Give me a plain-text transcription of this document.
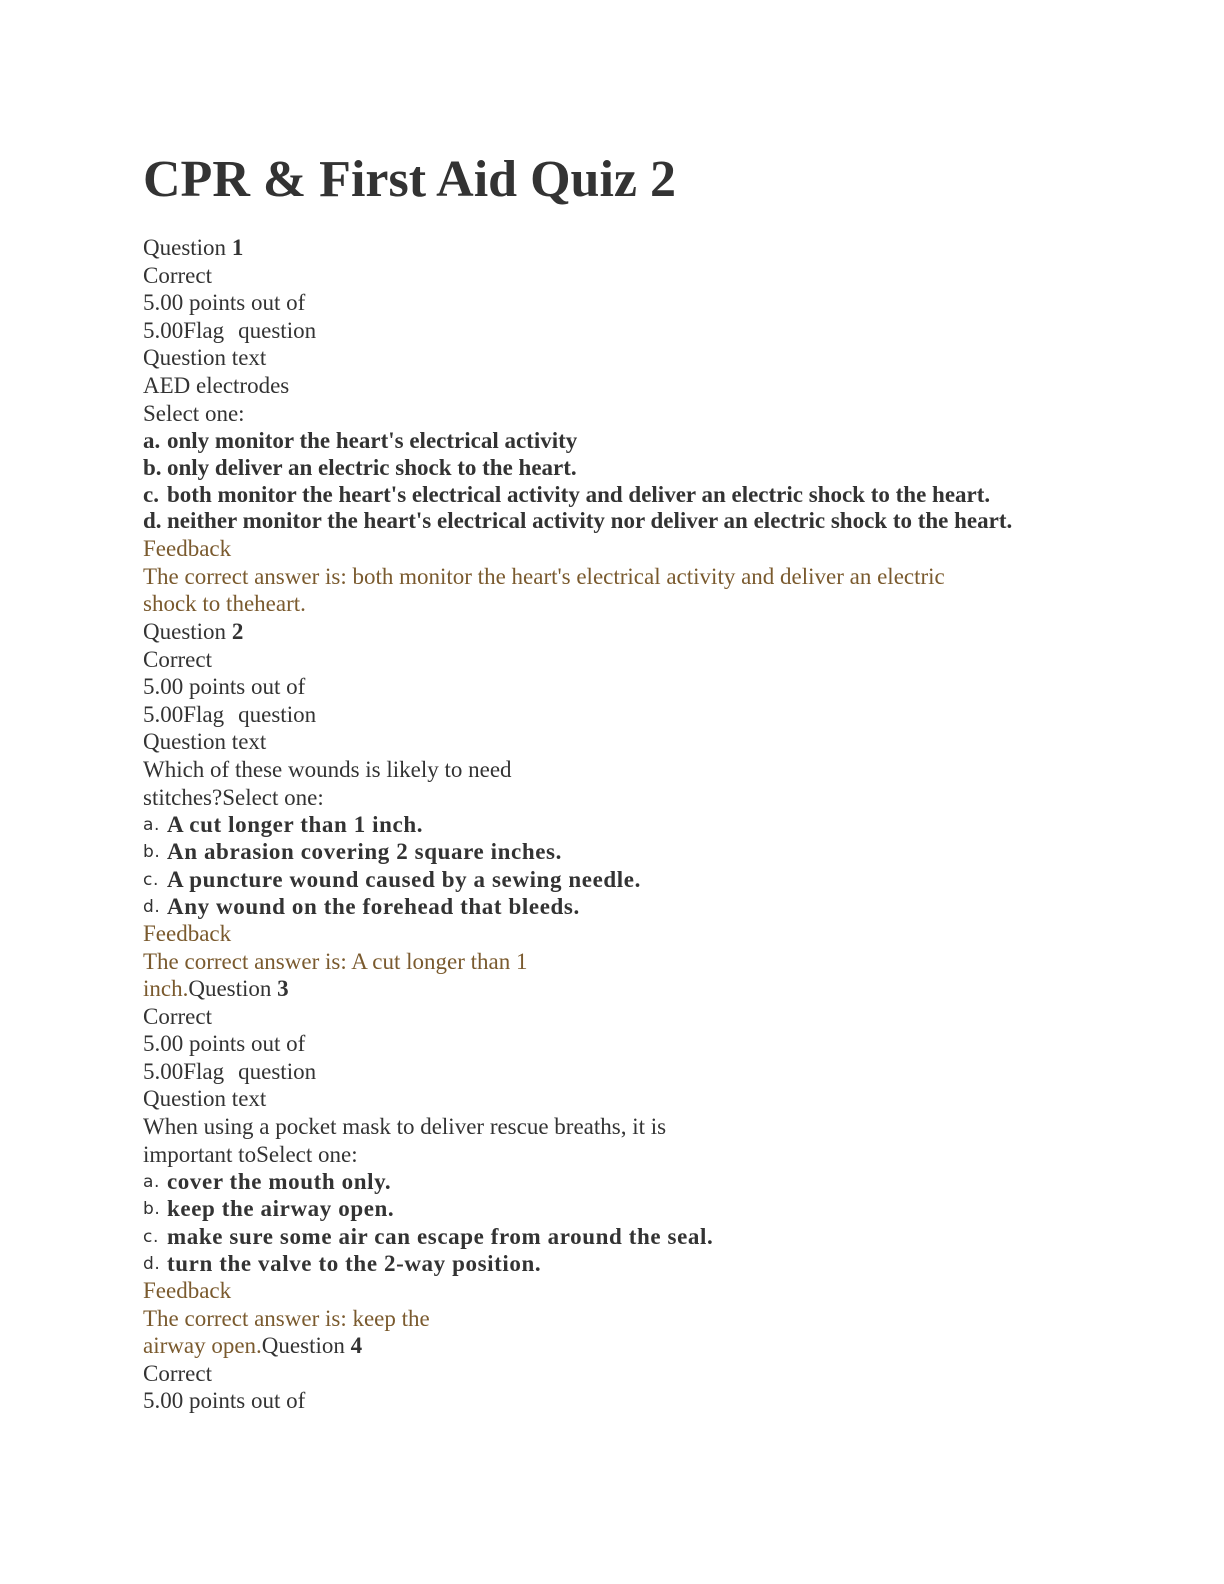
CPR & First Aid Quiz 2
Question 1
Correct
5.00 points out of
5.00Flag question
Question text
AED electrodes
Select one:
a. only monitor the heart's electrical activity
b. only deliver an electric shock to the heart.
c. both monitor the heart's electrical activity and deliver an electric shock to the heart.
d. neither monitor the heart's electrical activity nor deliver an electric shock to the heart.
Feedback
The correct answer is: both monitor the heart's electrical activity and deliver an electric
shock to theheart.
Question 2
Correct
5.00 points out of
5.00Flag question
Question text
Which of these wounds is likely to need
stitches?Select one:
a. A cut longer than 1 inch.
b. An abrasion covering 2 square inches.
c. A puncture wound caused by a sewing needle.
d. Any wound on the forehead that bleeds.
Feedback
The correct answer is: A cut longer than 1
inch.Question 3
Correct
5.00 points out of
5.00Flag question
Question text
When using a pocket mask to deliver rescue breaths, it is
important toSelect one:
a. cover the mouth only.
b. keep the airway open.
c. make sure some air can escape from around the seal.
d. turn the valve to the 2-way position.
Feedback
The correct answer is: keep the
airway open.Question 4
Correct
5.00 points out of
